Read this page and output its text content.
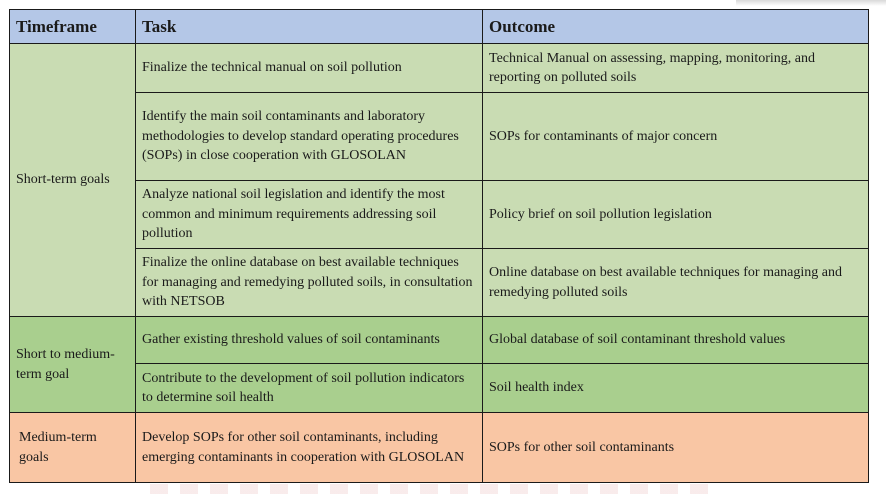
Timeframe	Task	Outcome
Short-term goals	Finalize the technical manual on soil pollution	Technical Manual on assessing, mapping, monitoring, and reporting on polluted soils
	Identify the main soil contaminants and laboratory methodologies to develop standard operating procedures (SOPs) in close cooperation with GLOSOLAN	SOPs for contaminants of major concern
	Analyze national soil legislation and identify the most common and minimum requirements addressing soil pollution	Policy brief on soil pollution legislation
	Finalize the online database on best available techniques for managing and remedying polluted soils, in consultation with NETSOB	Online database on best available techniques for managing and remedying polluted soils
Short to medium-term goal	Gather existing threshold values of soil contaminants	Global database of soil contaminant threshold values
	Contribute to the development of soil pollution indicators to determine soil health	Soil health index
Medium-term goals	Develop SOPs for other soil contaminants, including emerging contaminants in cooperation with GLOSOLAN	SOPs for other soil contaminants
